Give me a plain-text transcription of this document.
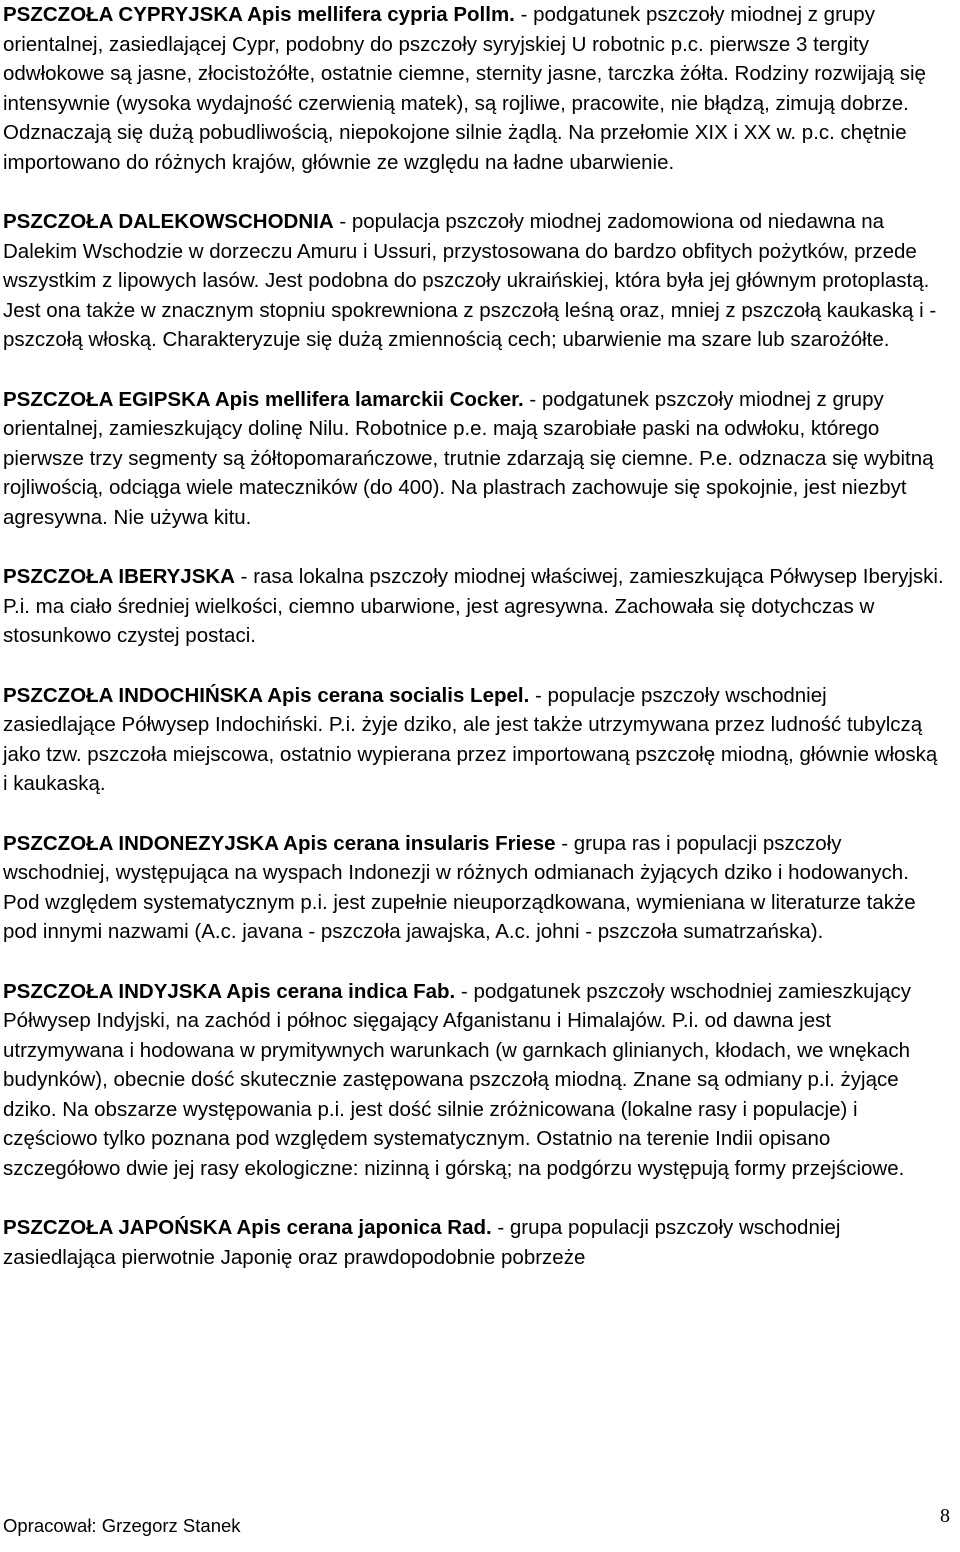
PSZCZOŁA CYPRYJSKA Apis mellifera cypria Pollm. - podgatunek pszczoły miodnej z grupy orientalnej, zasiedlającej Cypr, podobny do pszczoły syryjskiej U robotnic p.c. pierwsze 3 tergity odwłokowe są jasne, złocistożółte, ostatnie ciemne, sternity jasne, tarczka żółta. Rodziny rozwijają się intensywnie (wysoka wydajność czerwienią matek), są rojliwe, pracowite, nie błądzą, zimują dobrze. Odznaczają się dużą pobudliwością, niepokojone silnie żądlą. Na przełomie XIX i XX w. p.c. chętnie importowano do różnych krajów, głównie ze względu na ładne ubarwienie.

PSZCZOŁA DALEKOWSCHODNIA - populacja pszczoły miodnej zadomowiona od niedawna na Dalekim Wschodzie w dorzeczu Amuru i Ussuri, przystosowana do bardzo obfitych pożytków, przede wszystkim z lipowych lasów. Jest podobna do pszczoły ukraińskiej, która była jej głównym protoplastą. Jest ona także w znacznym stopniu spokrewniona z pszczołą leśną oraz, mniej z pszczołą kaukaską i - pszczołą włoską. Charakteryzuje się dużą zmiennością cech; ubarwienie ma szare lub szarożółte.

PSZCZOŁA EGIPSKA Apis mellifera lamarckii Cocker. - podgatunek pszczoły miodnej z grupy orientalnej, zamieszkujący dolinę Nilu. Robotnice p.e. mają szarobiałe paski na odwłoku, którego pierwsze trzy segmenty są żółtopomarańczowe, trutnie zdarzają się ciemne. P.e. odznacza się wybitną rojliwością, odciąga wiele mateczników (do 400). Na plastrach zachowuje się spokojnie, jest niezbyt agresywna. Nie używa kitu.

PSZCZOŁA IBERYJSKA - rasa lokalna pszczoły miodnej właściwej, zamieszkująca Półwysep Iberyjski. P.i. ma ciało średniej wielkości, ciemno ubarwione, jest agresywna. Zachowała się dotychczas w stosunkowo czystej postaci.

PSZCZOŁA INDOCHIŃSKA Apis cerana socialis Lepel. - populacje pszczoły wschodniej zasiedlające Półwysep Indochiński. P.i. żyje dziko, ale jest także utrzymywana przez ludność tubylczą jako tzw. pszczoła miejscowa, ostatnio wypierana przez importowaną pszczołę miodną, głównie włoską i kaukaską.

PSZCZOŁA INDONEZYJSKA Apis cerana insularis Friese - grupa ras i populacji pszczoły wschodniej, występująca na wyspach Indonezji w różnych odmianach żyjących dziko i hodowanych. Pod względem systematycznym p.i. jest zupełnie nieuporządkowana, wymieniana w literaturze także pod innymi nazwami (A.c. javana - pszczoła jawajska, A.c. johni - pszczoła sumatrzańska).

PSZCZOŁA INDYJSKA Apis cerana indica Fab. - podgatunek pszczoły wschodniej zamieszkujący Półwysep Indyjski, na zachód i północ sięgający Afganistanu i Himalajów. P.i. od dawna jest utrzymywana i hodowana w prymitywnych warunkach (w garnkach glinianych, kłodach, we wnękach budynków), obecnie dość skutecznie zastępowana pszczołą miodną. Znane są odmiany p.i. żyjące dziko. Na obszarze występowania p.i. jest dość silnie zróżnicowana (lokalne rasy i populacje) i częściowo tylko poznana pod względem systematycznym. Ostatnio na terenie Indii opisano szczegółowo dwie jej rasy ekologiczne: nizinną i górską; na podgórzu występują formy przejściowe.

PSZCZOŁA JAPOŃSKA Apis cerana japonica Rad. - grupa populacji pszczoły wschodniej zasiedlająca pierwotnie Japonię oraz prawdopodobnie pobrzeże

Opracował: Grzegorz Stanek	8
